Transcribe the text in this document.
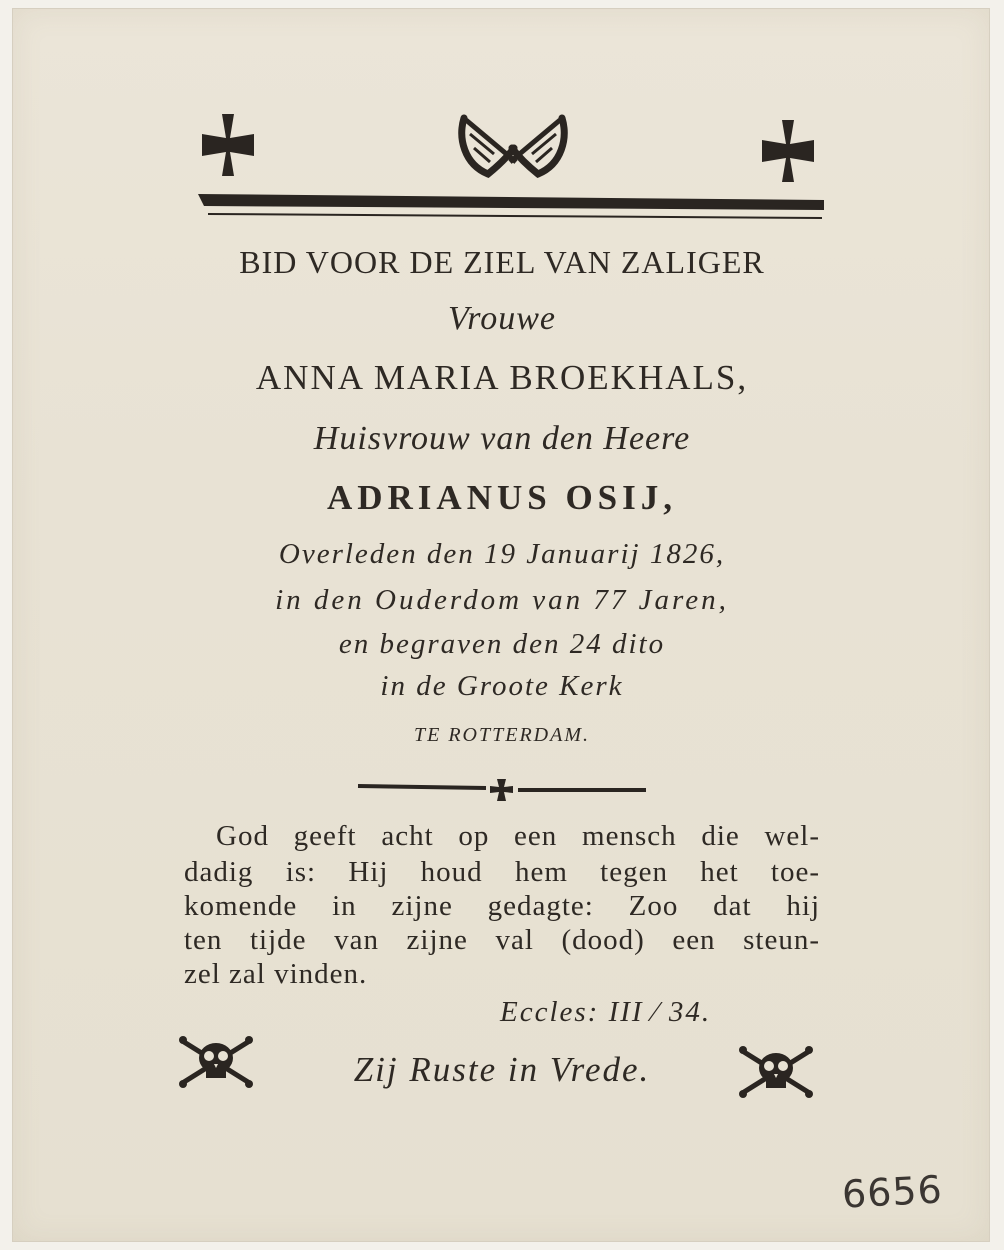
BID VOOR DE ZIEL VAN ZALIGER
Vrouwe
ANNA MARIA BROEKHALS,
Huisvrouw van den Heere
ADRIANUS OSIJ,
Overleden den 19 Januarij 1826,
in den Ouderdom van 77 Jaren,
en begraven den 24 dito
in de Groote Kerk
TE ROTTERDAM.
God geeft acht op een mensch die wel-
dadig is: Hij houd hem tegen het toe-
komende in zijne gedagte: Zoo dat hij
ten tijde van zijne val (dood) een steun-
zel zal vinden.
Eccles: III ⁄ 34.
Zij Ruste in Vrede.
6656
